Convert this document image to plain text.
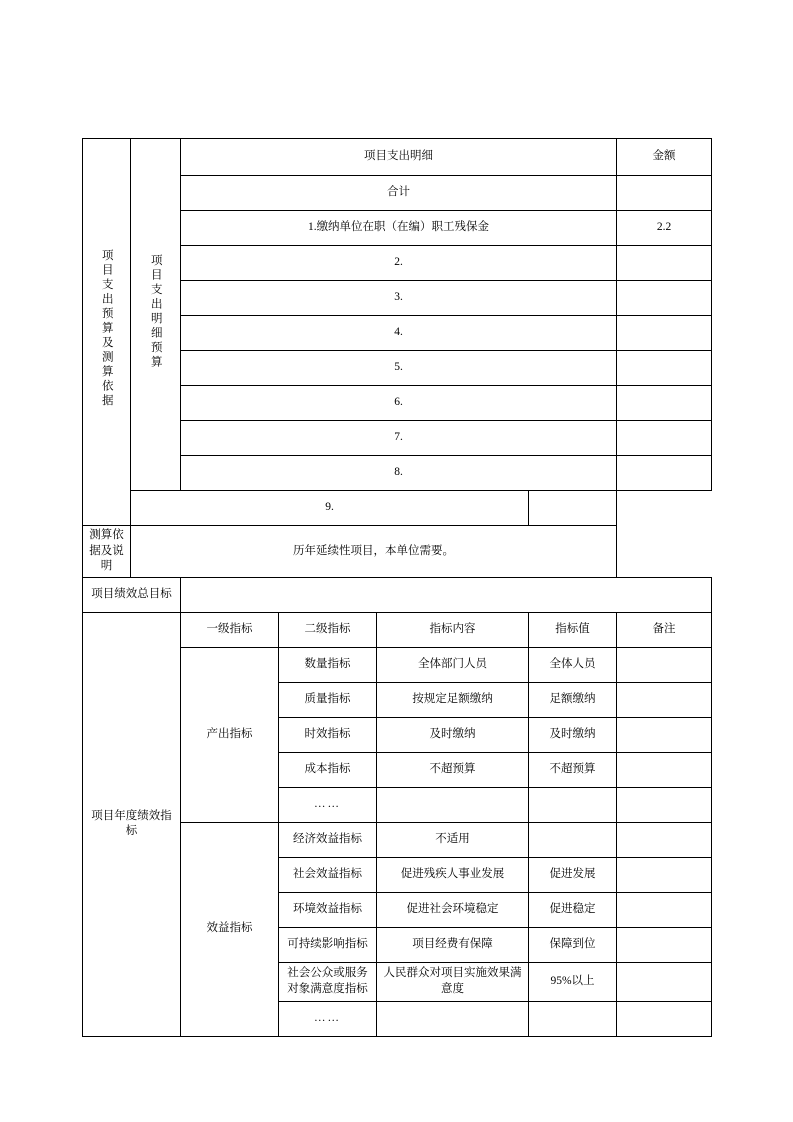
项目支出预算及测算依据	项目支出明细预算	项目支出明细				金额
		合计				
		1.缴纳单位在职（在编）职工残保金				2.2
		2.				
		3.				
		4.				
		5.				
		6.				
		7.				
		8.				
	9.					
测算依据及说明	历年延续性项目，本单位需要。					
项目绩效总目标						
项目年度绩效指标		一级指标	二级指标	指标内容	指标值	备注
		产出指标	数量指标	全体部门人员	全体人员	
			质量指标	按规定足额缴纳	足额缴纳	
			时效指标	及时缴纳	及时缴纳	
			成本指标	不超预算	不超预算	
			……			
		效益指标	经济效益指标	不适用		
			社会效益指标	促进残疾人事业发展	促进发展	
			环境效益指标	促进社会环境稳定	促进稳定	
			可持续影响指标	项目经费有保障	保障到位	
			社会公众或服务对象满意度指标	人民群众对项目实施效果满意度	95%以上	
			……			
